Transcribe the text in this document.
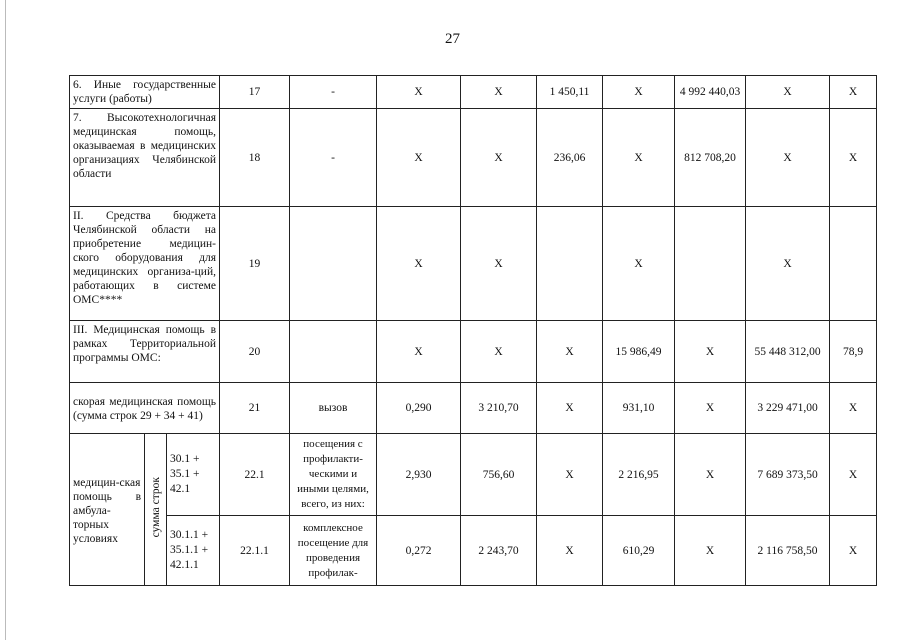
27
6. Иные государственные услуги (работы)			17	-	X	X	1 450,11	X	4 992 440,03	X	X
7. Высокотехнологичная медицинская помощь, оказываемая в медицинских организациях Челябинской области			18	-	X	X	236,06	X	812 708,20	X	X
II. Средства бюджета Челябинской области на приобретение медицин-ского оборудования для медицинских организа-ций, работающих в системе ОМС****			19		X	X		X		X	
III. Медицинская помощь в рамках Территориальной программы ОМС:			20		X	X	X	15 986,49	X	55 448 312,00	78,9
скорая медицинская помощь (сумма строк 29 + 34 + 41)			21	вызов	0,290	3 210,70	X	931,10	X	3 229 471,00	X
медицин-ская помощь в амбула-торных условиях	сумма строк	30.1 + 35.1 + 42.1	22.1	посещения с профилакти-ческими и иными целями, всего, из них:	2,930	756,60	X	2 216,95	X	7 689 373,50	X
		30.1.1 + 35.1.1 + 42.1.1	22.1.1	комплексное посещение для проведения профилак-	0,272	2 243,70	X	610,29	X	2 116 758,50	X
